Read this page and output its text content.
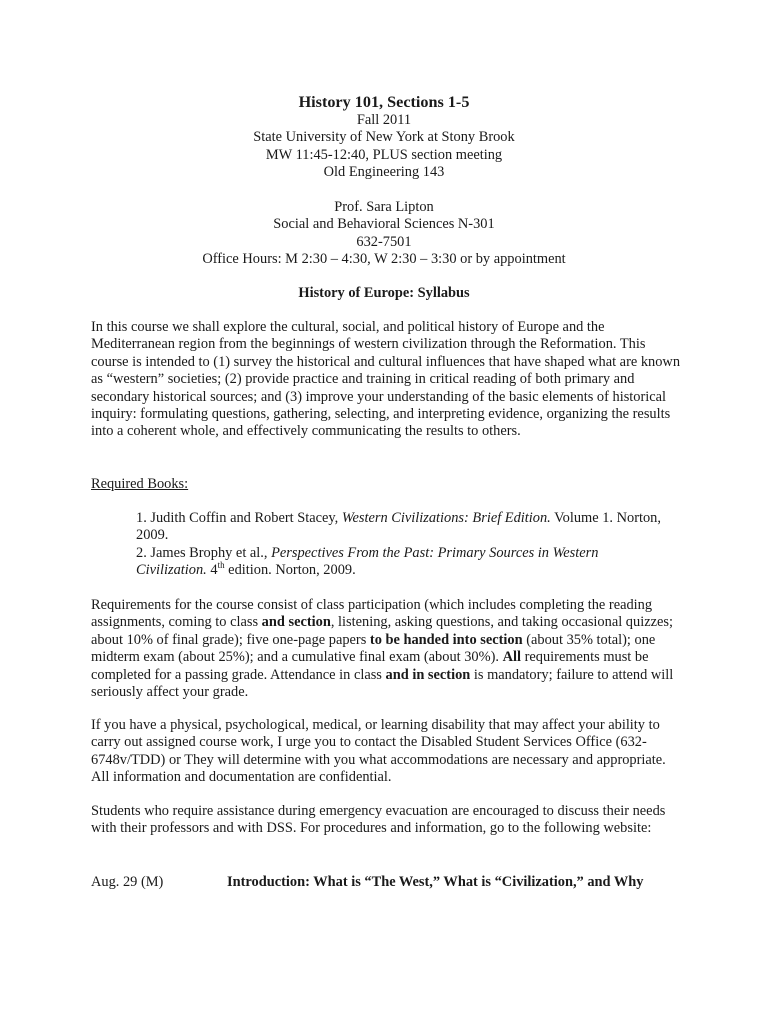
History 101, Sections 1-5
Fall 2011
State University of New York at Stony Brook
MW 11:45-12:40, PLUS section meeting
Old Engineering 143
Prof. Sara Lipton
Social and Behavioral Sciences N-301
632-7501
Office Hours: M 2:30 – 4:30, W 2:30 – 3:30 or by appointment
History of Europe: Syllabus

In this course we shall explore the cultural, social, and political history of Europe and the Mediterranean region from the beginnings of western civilization through the Reformation. This course is intended to (1) survey the historical and cultural influences that have shaped what are known as “western” societies; (2) provide practice and training in critical reading of both primary and secondary historical sources; and (3) improve your understanding of the basic elements of historical inquiry: formulating questions, gathering, selecting, and interpreting evidence, organizing the results into a coherent whole, and effectively communicating the results to others.

Required Books:

1. Judith Coffin and Robert Stacey, Western Civilizations: Brief Edition. Volume 1. Norton, 2009.

2. James Brophy et al., Perspectives From the Past: Primary Sources in Western Civilization. 4th edition. Norton, 2009.

Requirements for the course consist of class participation (which includes completing the reading assignments, coming to class and section, listening, asking questions, and taking occasional quizzes; about 10% of final grade); five one-page papers to be handed into section (about 35% total); one midterm exam (about 25%); and a cumulative final exam (about 30%). All requirements must be completed for a passing grade. Attendance in class and in section is mandatory; failure to attend will seriously affect your grade.

If you have a physical, psychological, medical, or learning disability that may affect your ability to carry out assigned course work, I urge you to contact the Disabled Student Services Office (632-6748v/TDD) or They will determine with you what accommodations are necessary and appropriate. All information and documentation are confidential.

Students who require assistance during emergency evacuation are encouraged to discuss their needs with their professors and with DSS. For procedures and information, go to the following website:

Aug. 29 (M)	Introduction: What is “The West,” What is “Civilization,” and Why
